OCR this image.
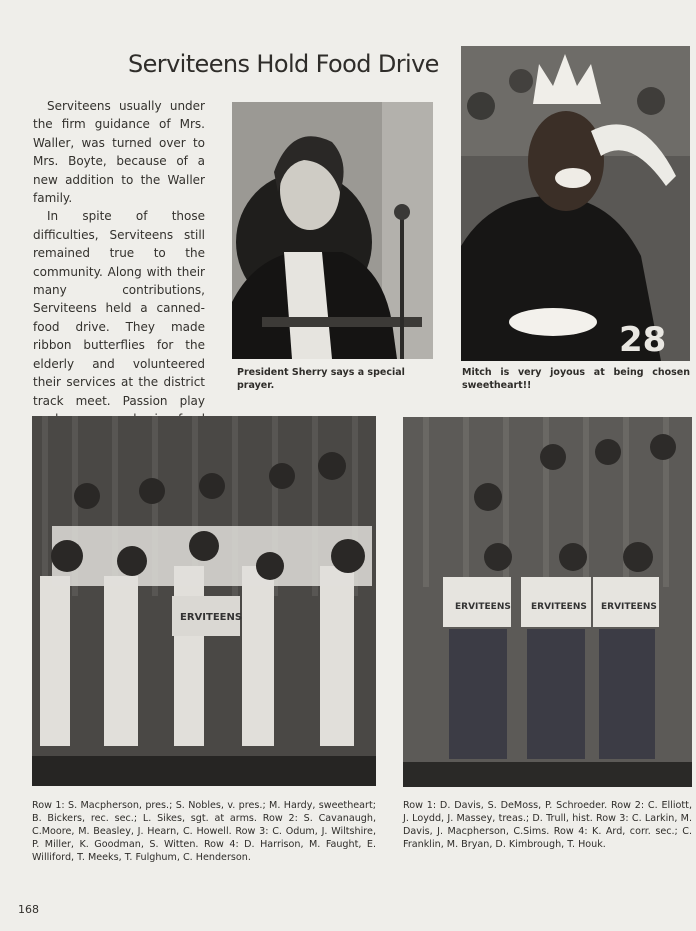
Serviteens Hold Food Drive

Serviteens usually under the firm guidance of Mrs. Waller, was turned over to Mrs. Boyte, because of a new addition to the Waller family.

In spite of those difficulties, Serviteens still remained true to the community. Along with their many contributions, Serviteens held a canned-food drive. They made ribbon butterflies for the elderly and volunteered their services at the district track meet. Passion play

President Sherry says a special prayer.
28
Mitch is very joyous at being chosen sweetheart!!
ERVITEENS
Row 1: S. Macpherson, pres.; S. Nobles, v. pres.; M. Hardy, sweetheart; B. Bickers, rec. sec.; L. Sikes, sgt. at arms. Row 2: S. Cavanaugh, C.Moore, M. Beasley, J. Hearn, C. Howell. Row 3: C. Odum, J. Wiltshire, P. Miller, K. Goodman, S. Witten. Row 4: D. Harrison, M. Faught, E. Williford, T. Meeks, T. Fulghum, C. Henderson.
ERVITEENS ERVITEENS ERVITEENS
Row 1: D. Davis, S. DeMoss, P. Schroeder. Row 2: C. Elliott, J. Loydd, J. Massey, treas.; D. Trull, hist. Row 3: C. Larkin, M. Davis, J. Macpherson, C.Sims. Row 4: K. Ard, corr. sec.; C. Franklin, M. Bryan, D. Kimbrough, T. Houk.
168
